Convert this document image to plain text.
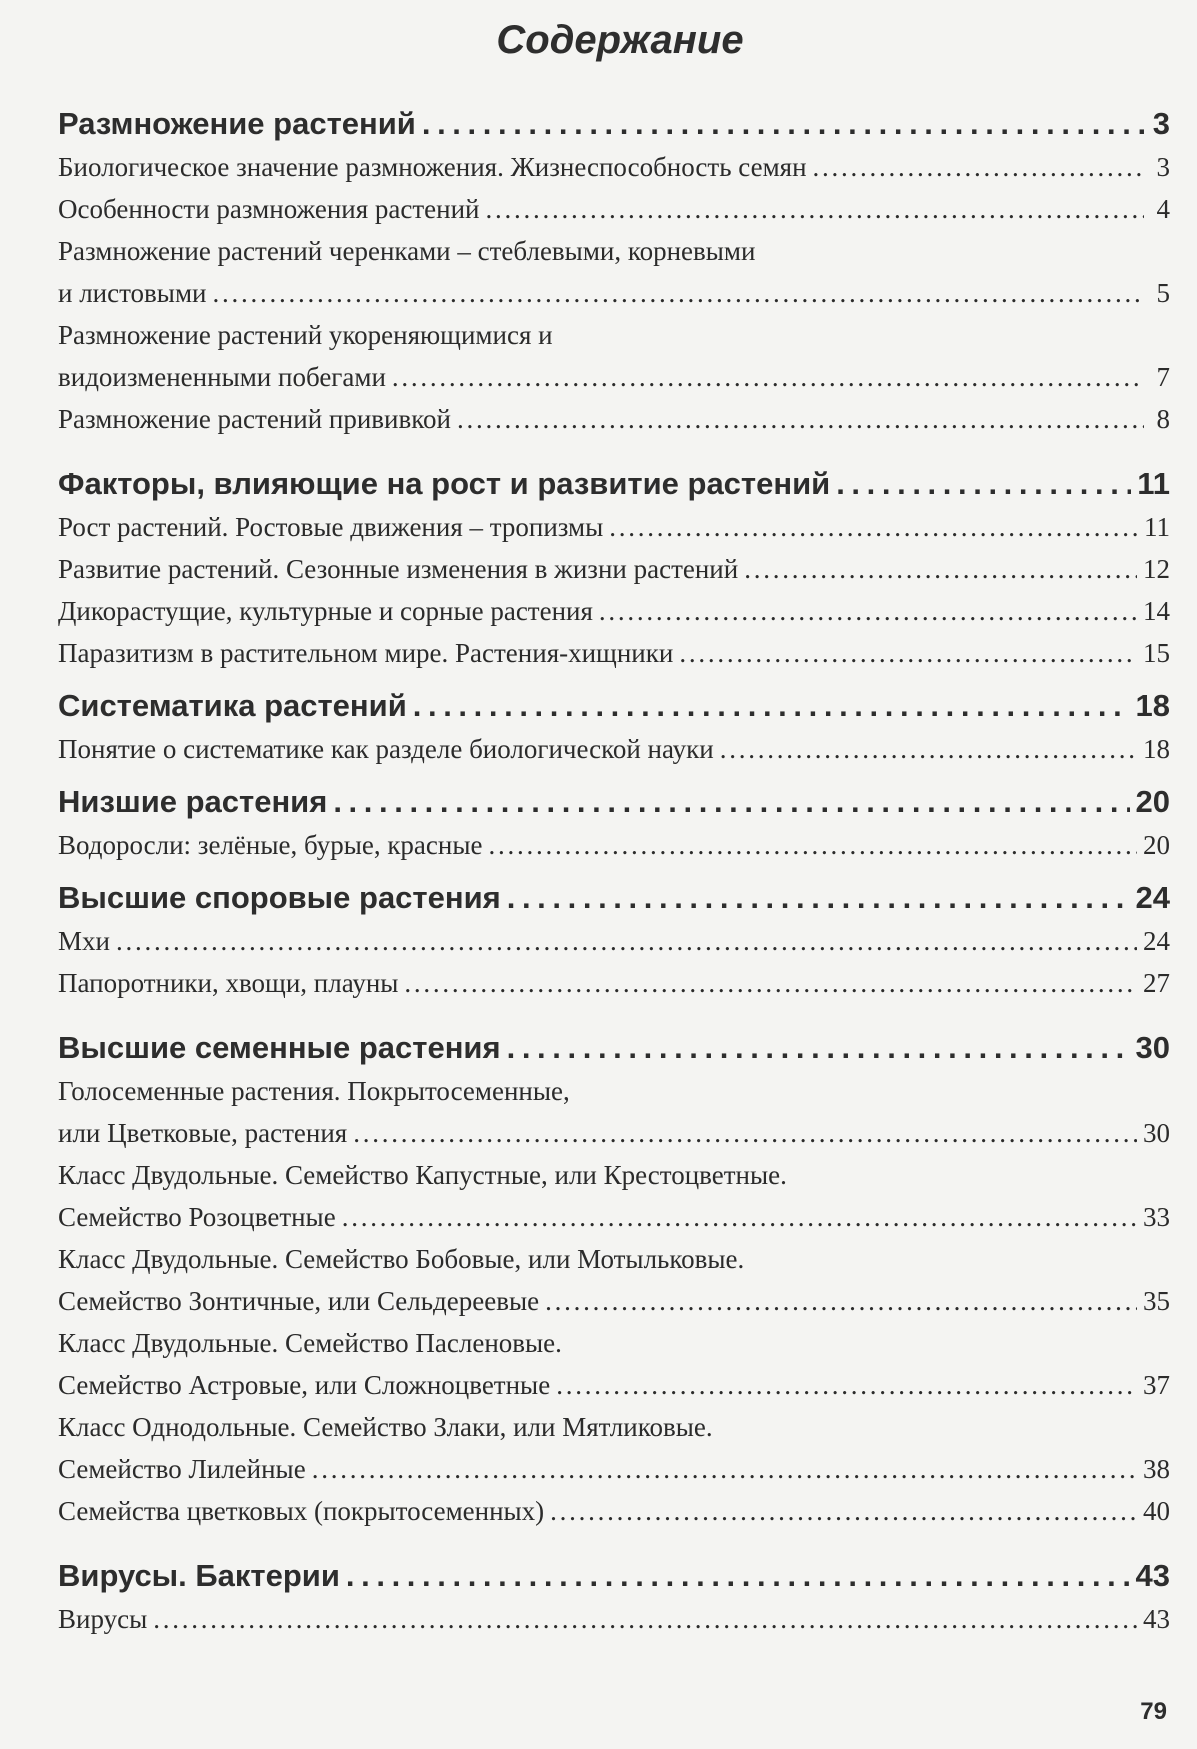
Содержание
Размножение растений . . .	3
Биологическое значение размножения. Жизнеспособность семян . . .	3
Особенности размножения растений . . .	4
Размножение растений черенками – стеблевыми, корневыми
и листовыми . . .	5
Размножение растений укореняющимися и
видоизмененными побегами . . .	7
Размножение растений прививкой . . .	8
Факторы, влияющие на рост и развитие растений . . .	11
Рост растений. Ростовые движения – тропизмы . . .	11
Развитие растений. Сезонные изменения в жизни растений . . .	12
Дикорастущие, культурные и сорные растения . . .	14
Паразитизм в растительном мире. Растения-хищники . . .	15
Систематика растений . . .	18
Понятие о систематике как разделе биологической науки . . .	18
Низшие растения . . .	20
Водоросли: зелёные, бурые, красные . . .	20
Высшие споровые растения . . .	24
Мхи . . .	24
Папоротники, хвощи, плауны . . .	27
Высшие семенные растения . . .	30
Голосеменные растения. Покрытосеменные,
или Цветковые, растения . . .	30
Класс Двудольные. Семейство Капустные, или Крестоцветные.
Семейство Розоцветные . . .	33
Класс Двудольные. Семейство Бобовые, или Мотыльковые.
Семейство Зонтичные, или Сельдереевые . . .	35
Класс Двудольные. Семейство Пасленовые.
Семейство Астровые, или Сложноцветные . . .	37
Класс Однодольные. Семейство Злаки, или Мятликовые.
Семейство Лилейные . . .	38
Семейства цветковых (покрытосеменных) . . .	40
Вирусы. Бактерии . . .	43
Вирусы . . .	43
79
